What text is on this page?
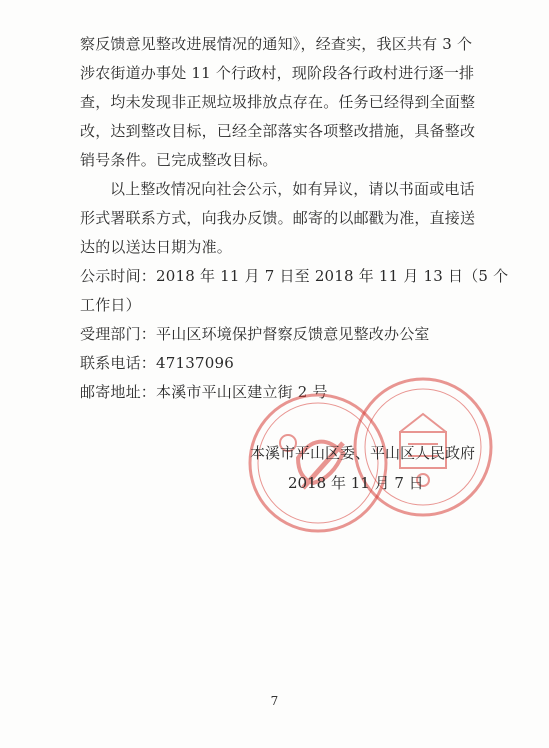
察反馈意见整改进展情况的通知》，经查实，我区共有 3 个
涉农街道办事处 11 个行政村，现阶段各行政村进行逐一排
查，均未发现非正规垃圾排放点存在。任务已经得到全面整
改，达到整改目标，已经全部落实各项整改措施，具备整改
销号条件。已完成整改目标。
以上整改情况向社会公示，如有异议，请以书面或电话
形式署联系方式，向我办反馈。邮寄的以邮戳为准，直接送
达的以送达日期为准。
公示时间：2018 年 11 月 7 日至 2018 年 11 月 13 日（5 个
工作日）
受理部门：平山区环境保护督察反馈意见整改办公室
联系电话：47137096
邮寄地址：本溪市平山区建立街 2 号
本溪市平山区委、平山区人民政府
2018 年 11 月 7 日
7
